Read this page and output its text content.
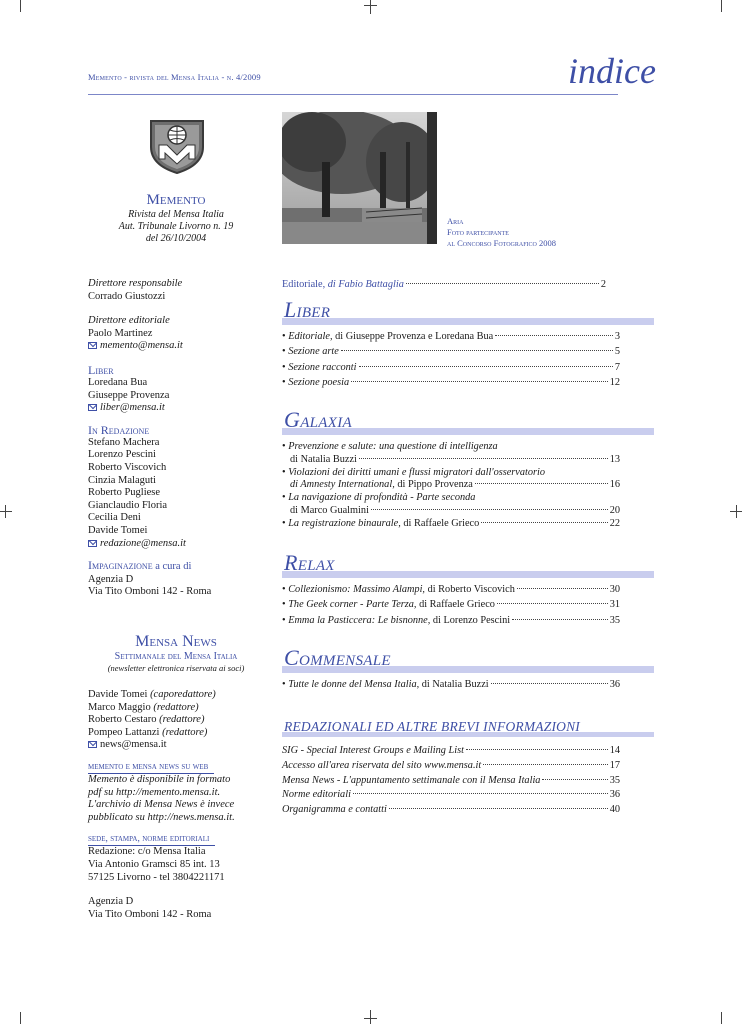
Memento - rivista del Mensa Italia - n. 4/2009	indice
Memento
Rivista del Mensa Italia
Aut. Tribunale Livorno n. 19
del 26/10/2004
Aria
Foto partecipante
al Concorso Fotografico 2008
Direttore responsabile
Corrado Giustozzi
Direttore editoriale
Paolo Martinez
memento@mensa.it
Liber
Loredana Bua
Giuseppe Provenza
liber@mensa.it
In Redazione
Stefano Machera
Lorenzo Pescini
Roberto Viscovich
Cinzia Malaguti
Roberto Pugliese
Gianclaudio Floria
Cecilia Deni
Davide Tomei
redazione@mensa.it
Impaginazione a cura di
Agenzia D
Via Tito Omboni 142 - Roma
Mensa News
Settimanale del Mensa Italia
(newsletter elettronica riservata ai soci)
Davide Tomei (caporedattore)
Marco Maggio (redattore)
Roberto Cestaro (redattore)
Pompeo Lattanzi (redattore)
news@mensa.it
memento e mensa news su web
Memento è disponibile in formato
pdf su http://memento.mensa.it.
L'archivio di Mensa News è invece
pubblicato su http://news.mensa.it.
sede, stampa, norme editoriali
Redazione: c/o Mensa Italia
Via Antonio Gramsci 85 int. 13
57125 Livorno - tel 3804221171
Agenzia D
Via Tito Omboni 142 - Roma
Editoriale, di Fabio Battaglia	2
Liber
• Editoriale, di Giuseppe Provenza e Loredana Bua	3
• Sezione arte	5
• Sezione racconti	7
• Sezione poesia	12
Galaxia
• Prevenzione e salute: una questione di intelligenza
di Natalia Buzzi	13
• Violazioni dei diritti umani e flussi migratori dall'osservatorio
di Amnesty International, di Pippo Provenza	16
• La navigazione di profondità - Parte seconda
di Marco Gualmini	20
• La registrazione binaurale, di Raffaele Grieco	22
Relax
• Collezionismo: Massimo Alampi, di Roberto Viscovich	30
• The Geek corner - Parte Terza, di Raffaele Grieco	31
• Emma la Pasticcera: Le bisnonne, di Lorenzo Pescini	35
Commensale
• Tutte le donne del Mensa Italia, di Natalia Buzzi	36
REDAZIONALI ED ALTRE BREVI INFORMAZIONI
SIG - Special Interest Groups e Mailing List	14
Accesso all'area riservata del sito www.mensa.it	17
Mensa News - L'appuntamento settimanale con il Mensa Italia	35
Norme editoriali	36
Organigramma e contatti	40
